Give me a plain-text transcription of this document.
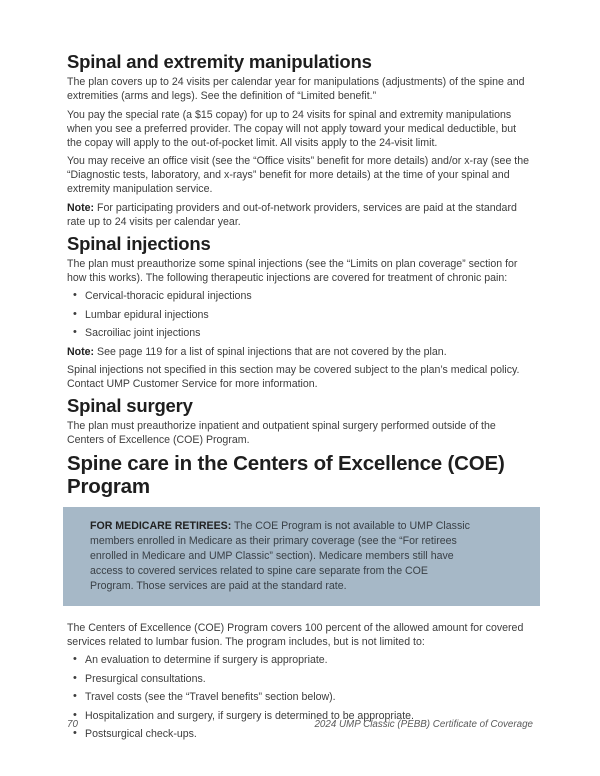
Spinal and extremity manipulations

The plan covers up to 24 visits per calendar year for manipulations (adjustments) of the spine and extremities (arms and legs). See the definition of “Limited benefit.”

You pay the special rate (a $15 copay) for up to 24 visits for spinal and extremity manipulations when you see a preferred provider. The copay will not apply toward your medical deductible, but the copay will apply to the out-of-pocket limit. All visits apply to the 24-visit limit.

You may receive an office visit (see the “Office visits” benefit for more details) and/or x-ray (see the “Diagnostic tests, laboratory, and x-rays” benefit for more details) at the time of your spinal and extremity manipulation service.

Note: For participating providers and out-of-network providers, services are paid at the standard rate up to 24 visits per calendar year.

Spinal injections

The plan must preauthorize some spinal injections (see the “Limits on plan coverage” section for how this works). The following therapeutic injections are covered for treatment of chronic pain:

• Cervical-thoracic epidural injections
• Lumbar epidural injections
• Sacroiliac joint injections

Note: See page 119 for a list of spinal injections that are not covered by the plan.

Spinal injections not specified in this section may be covered subject to the plan’s medical policy. Contact UMP Customer Service for more information.

Spinal surgery

The plan must preauthorize inpatient and outpatient spinal surgery performed outside of the Centers of Excellence (COE) Program.

Spine care in the Centers of Excellence (COE) Program
FOR MEDICARE RETIREES: The COE Program is not available to UMP Classic members enrolled in Medicare as their primary coverage (see the “For retirees enrolled in Medicare and UMP Classic” section). Medicare members still have access to covered services related to spine care separate from the COE Program. Those services are paid at the standard rate.

The Centers of Excellence (COE) Program covers 100 percent of the allowed amount for covered services related to lumbar fusion. The program includes, but is not limited to:

• An evaluation to determine if surgery is appropriate.
• Presurgical consultations.
• Travel costs (see the “Travel benefits” section below).
• Hospitalization and surgery, if surgery is determined to be appropriate.
• Postsurgical check-ups.
70	2024 UMP Classic (PEBB) Certificate of Coverage
